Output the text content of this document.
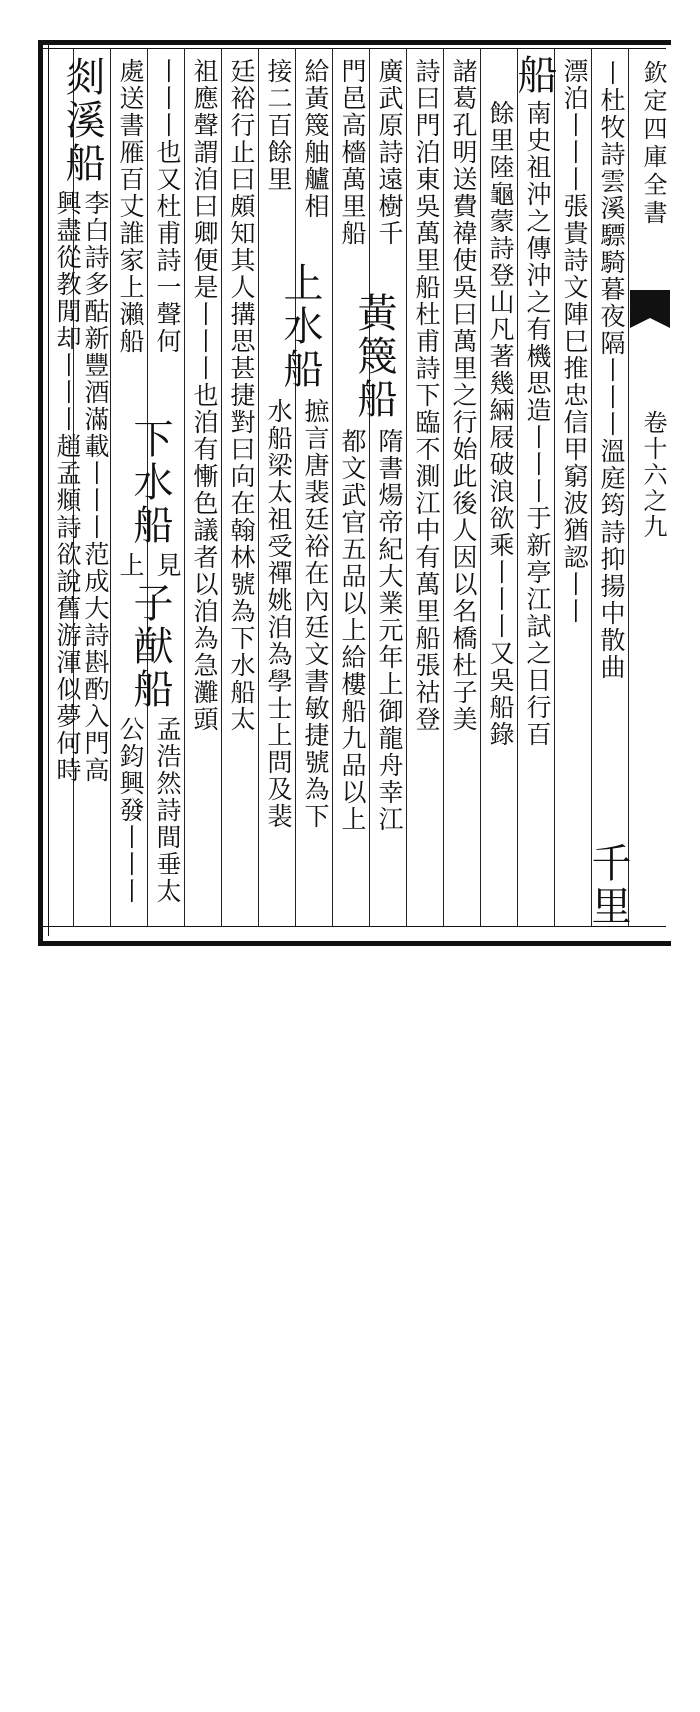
欽定四庫全書
卷十六之九
丨杜牧詩雲溪驃騎暮夜隔丨丨丨溫庭筠詩抑揚中散曲
千里
漂泊丨丨丨張貴詩文陣巳推忠信甲窮波猶認丨丨
船
南史祖沖之傳沖之有機思造丨丨丨于新亭江試之日行百
餘里陸龜蒙詩登山凡著幾緉屐破浪欲乘丨丨丨又吳船錄
諸葛孔明送費禕使吳曰萬里之行始此後人因以名橋杜子美
詩曰門泊東吳萬里船杜甫詩下臨不測江中有萬里船張祜登
廣武原詩遠樹千
黃篾船
隋書煬帝紀大業元年上御龍舟幸江
門邑高檣萬里船
都文武官五品以上給樓船九品以上
給黃篾舳艫相
上水船
摭言唐裴廷裕在內廷文書敏捷號為下
接二百餘里
水船梁太祖受禪姚洎為學士上問及裴
廷裕行止曰頗知其人搆思甚捷對曰向在翰林號為下水船太
祖應聲謂洎曰卿便是丨丨丨也洎有慚色議者以洎為急灘頭
丨丨丨也又杜甫詩一聲何
下水船
見
子猷船
孟浩然詩間垂太
處送書雁百丈誰家上瀨船
上
公鈞興發丨丨丨
剡溪船
李白詩多酤新豐酒滿載丨丨丨范成大詩斟酌入門高
興盡從教閒却丨丨丨趙孟頫詩欲說舊游渾似夢何時
